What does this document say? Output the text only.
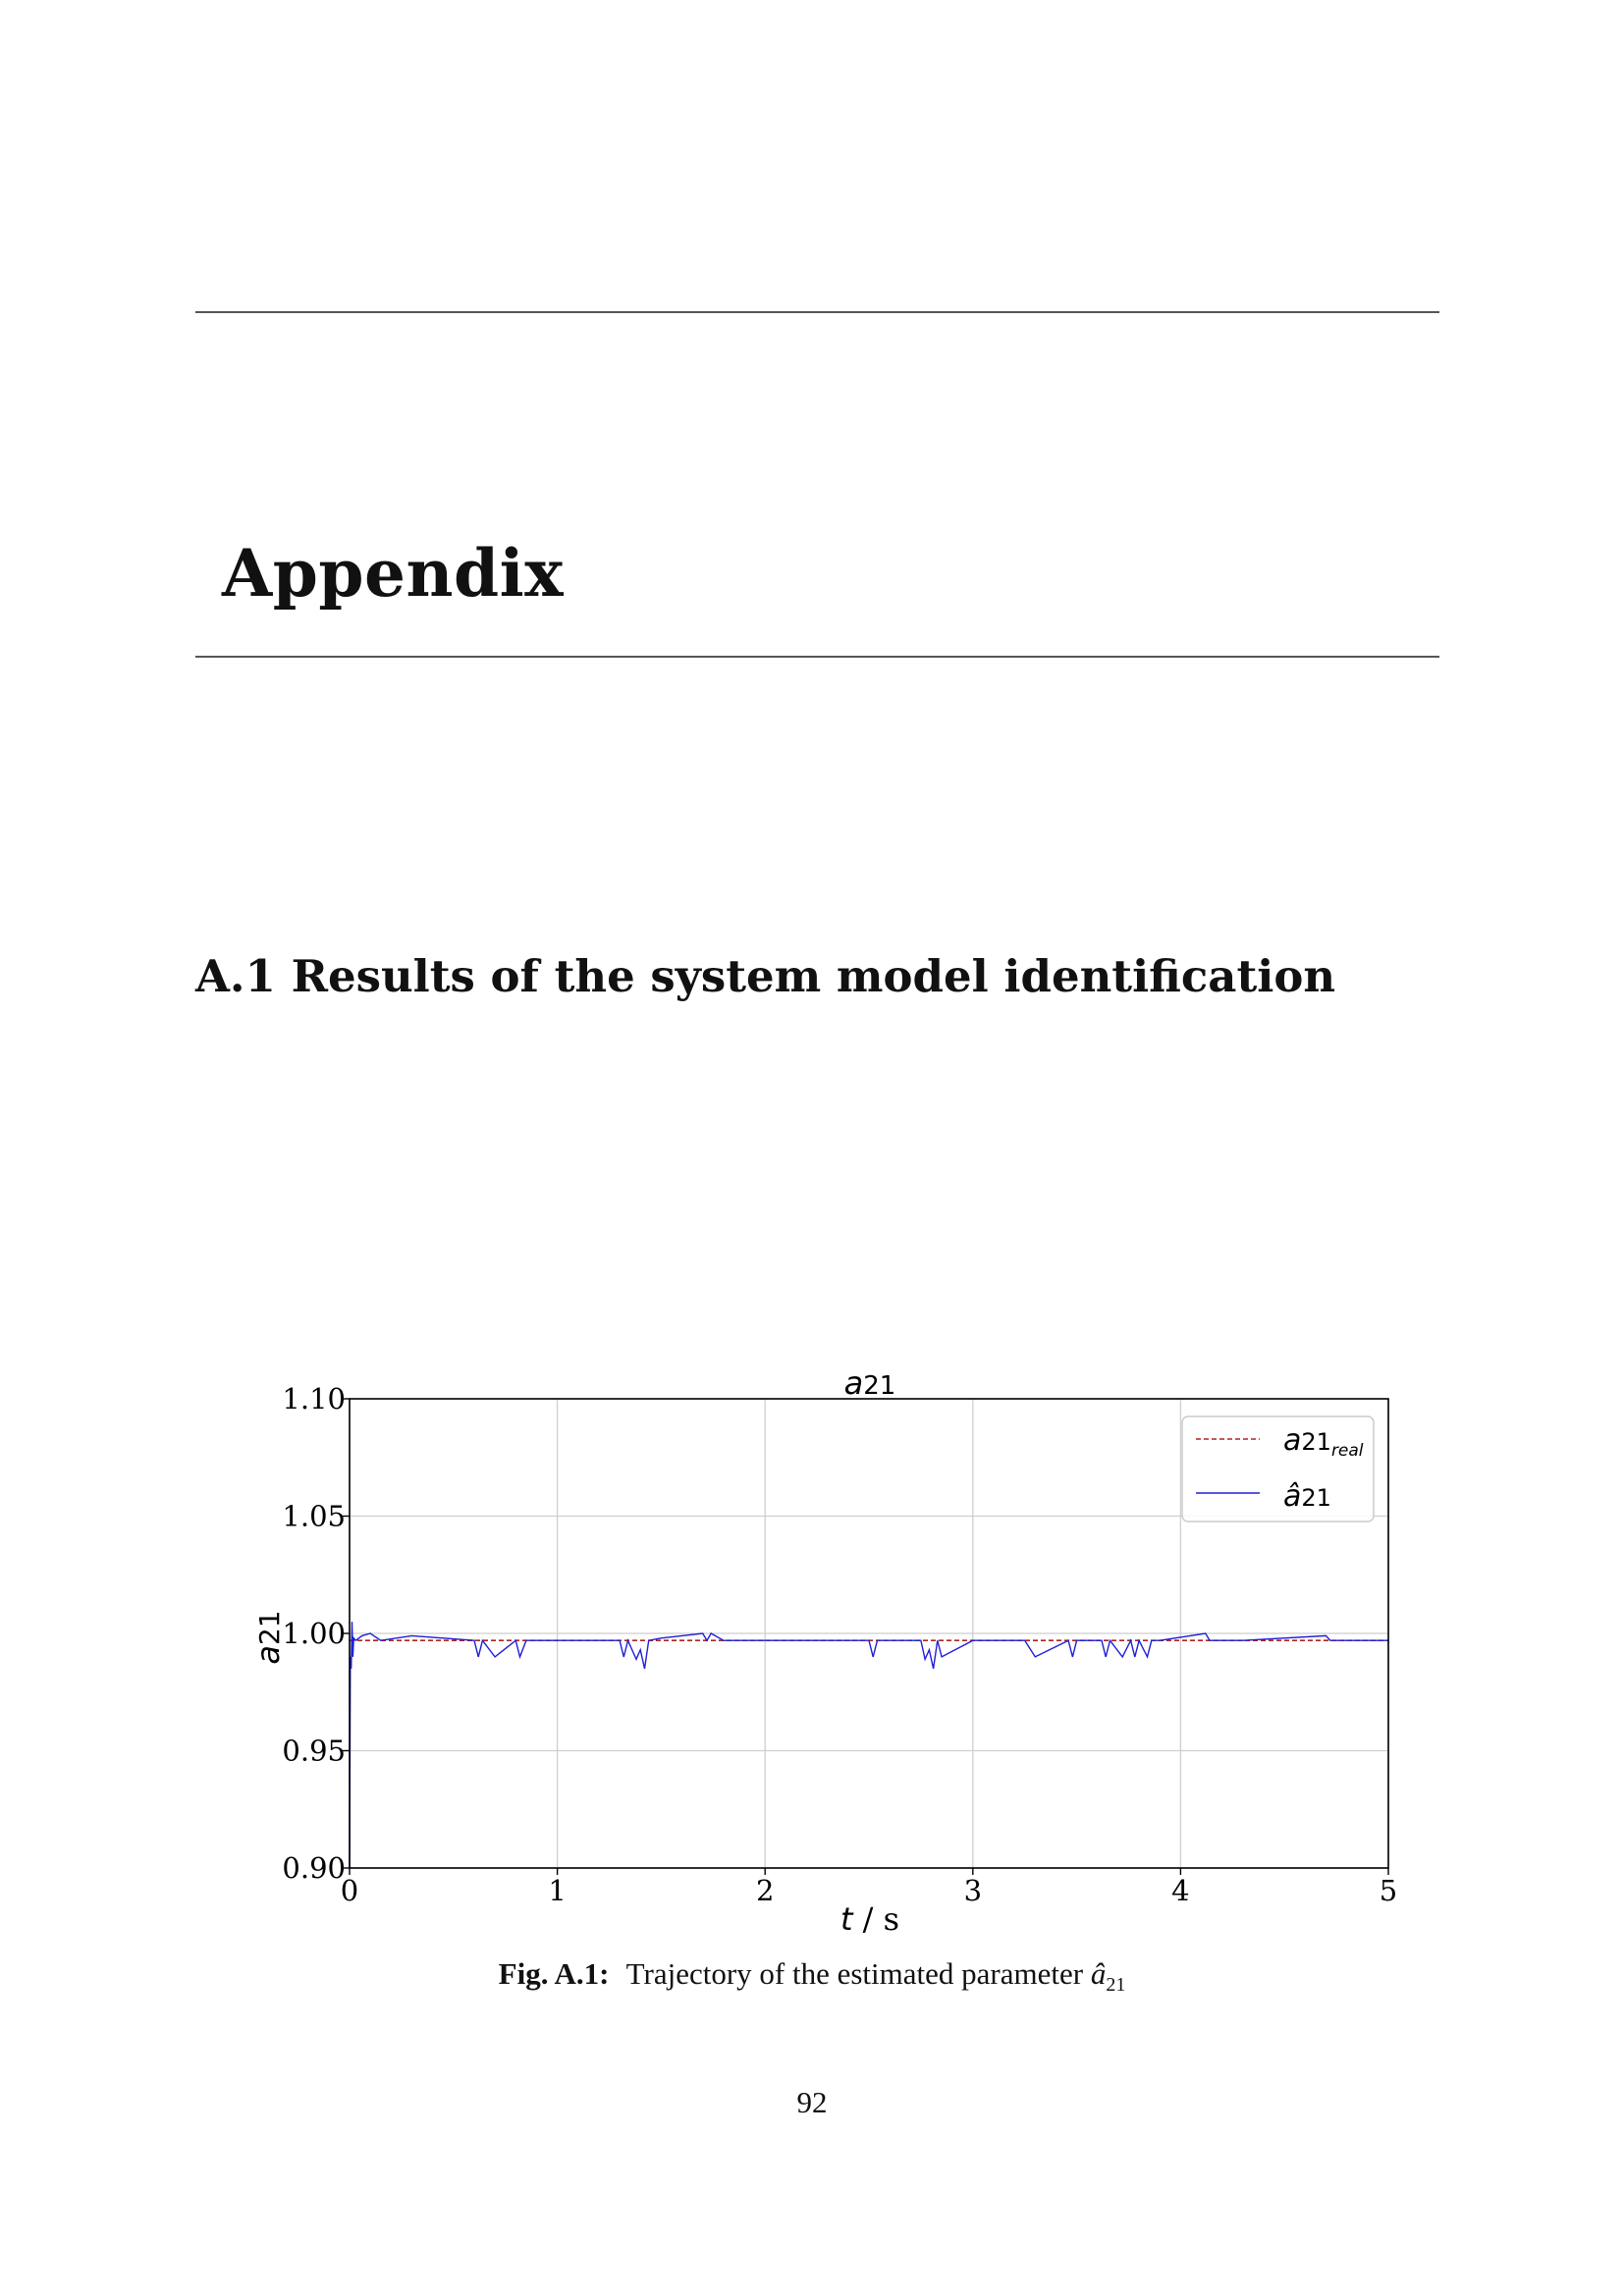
Appendix
A.1 Results of the system model identification
0	1	2	3	4	5
0.90
0.95
1.00
1.05
1.10	a21
t / s
a21
$a21_{real}$
â21
Fig. A.1: Trajectory of the estimated parameter $â_{21}$
92
